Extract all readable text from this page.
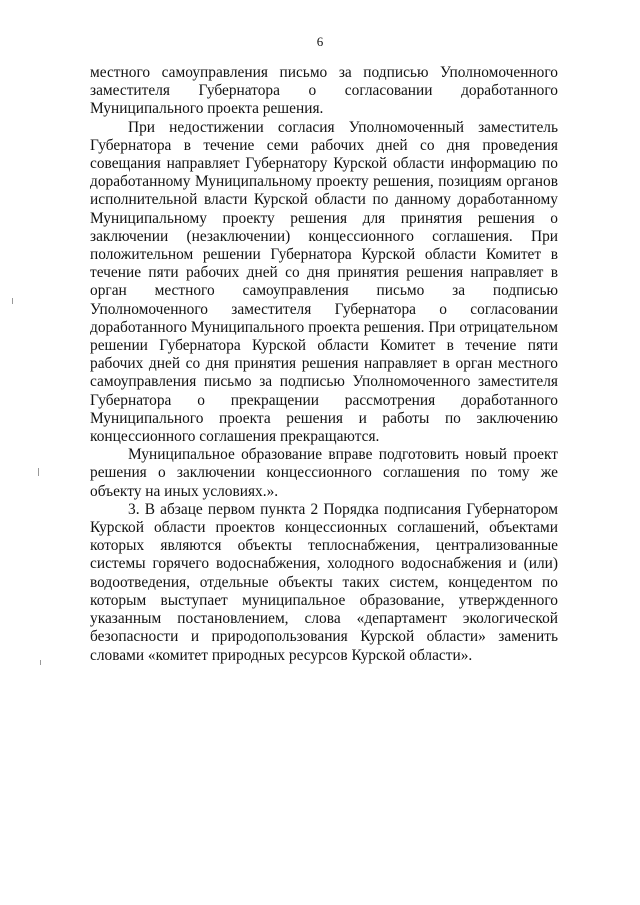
6

местного самоуправления письмо за подписью Уполномоченного заместителя Губернатора о согласовании доработанного Муниципального проекта решения.

При недостижении согласия Уполномоченный заместитель Губернатора в течение семи рабочих дней со дня проведения совещания направляет Губернатору Курской области информацию по доработанному Муниципальному проекту решения, позициям органов исполнительной власти Курской области по данному доработанному Муниципальному проекту решения для принятия решения о заключении (незаключении) концессионного соглашения. При положительном решении Губернатора Курской области Комитет в течение пяти рабочих дней со дня принятия решения направляет в орган местного самоуправления письмо за подписью Уполномоченного заместителя Губернатора о согласовании доработанного Муниципального проекта решения. При отрицательном решении Губернатора Курской области Комитет в течение пяти рабочих дней со дня принятия решения направляет в орган местного самоуправления письмо за подписью Уполномоченного заместителя Губернатора о прекращении рассмотрения доработанного Муниципального проекта решения и работы по заключению концессионного соглашения прекращаются.

Муниципальное образование вправе подготовить новый проект решения о заключении концессионного соглашения по тому же объекту на иных условиях.».

3. В абзаце первом пункта 2 Порядка подписания Губернатором Курской области проектов концессионных соглашений, объектами которых являются объекты теплоснабжения, централизованные системы горячего водоснабжения, холодного водоснабжения и (или) водоотведения, отдельные объекты таких систем, концедентом по которым выступает муниципальное образование, утвержденного указанным постановлением, слова «департамент экологической безопасности и природопользования Курской области» заменить словами «комитет природных ресурсов Курской области».
